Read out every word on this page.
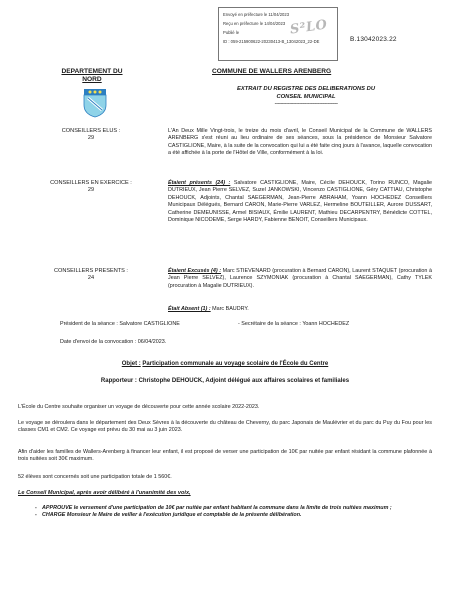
Envoyé en préfecture le 11/04/2023
Reçu en préfecture le 14/04/2023
Publié le
ID : 059-215900622-20230413-B_13042023_22-DE
S²LO
B.13042023.22
DEPARTEMENT DU NORD
COMMUNE DE WALLERS ARENBERG
EXTRAIT DU REGISTRE DES DELIBERATIONS DU CONSEIL MUNICIPAL
--------------------------------------------
CONSEILLERS ELUS :
29
L'An Deux Mille Vingt-trois, le treize du mois d'avril, le Conseil Municipal de la Commune de WALLERS ARENBERG s'est réuni au lieu ordinaire de ses séances, sous la présidence de Monsieur Salvatore CASTIGLIONE, Maire, à la suite de la convocation qui lui a été faite cinq jours à l'avance, laquelle convocation a été affichée à la porte de l'Hôtel de Ville, conformément à la loi.
CONSEILLERS EN EXERCICE :
29
Étaient présents (24) : Salvatore CASTIGLIONE, Maire, Cécile DEHOUCK, Torino RUNCO, Magalie DUTRIEUX, Jean Pierre SELVEZ, Suzel JANKOWSKI, Vincenzo CASTIGLIONE, Géry CATTIAU, Christophe DEHOUCK, Adjoints, Chantal SAEGERMAN, Jean-Pierre ABRAHAM, Yoann HOCHEDEZ Conseillers Municipaux Délégués, Bernard CARON, Marie-Pierre VARLEZ, Hermeline BOUTEILLER, Aurore DUSSART, Catherine DEMEUNISSE, Armel BISIAUX, Émilie LAURENT, Mathieu DECARPENTRY, Bénédicte COTTEL, Dominique NICODEME, Serge HARDY, Fabienne BENOIT, Conseillers Municipaux.
CONSEILLERS PRESENTS :
24
Étaient Excusés (4) : Marc STIEVENARD (procuration à Bernard CARON), Laurent STAQUET (procuration à Jean Pierre SELVEZ), Laurence SZYMONIAK (procuration à Chantal SAEGERMAN), Cathy TYLEK (procuration à Magalie DUTRIEUX).
Était Absent (1) : Marc BAUDRY.
Président de la séance : Salvatore CASTIGLIONE	- Secrétaire de la séance : Yoann HOCHEDEZ
Date d'envoi de la convocation : 06/04/2023.
Objet : Participation communale au voyage scolaire de l'École du Centre
Rapporteur : Christophe DEHOUCK, Adjoint délégué aux affaires scolaires et familiales
L'École du Centre souhaite organiser un voyage de découverte pour cette année scolaire 2022-2023.
Le voyage se déroulera dans le département des Deux Sèvres à la découverte du château de Cheverny, du parc Japonais de Maulévrier et du parc du Puy du Fou pour les classes CM1 et CM2. Ce voyage est prévu du 30 mai au 3 juin 2023.
Afin d'aider les familles de Wallers-Arenberg à financer leur enfant, il est proposé de verser une participation de 10€ par nuitée par enfant résidant la commune plafonnée à trois nuitées soit 30€ maximum.
52 élèves sont concernés soit une participation totale de 1 560€.
Le Conseil Municipal, après avoir délibéré à l'unanimité des voix,
- APPROUVE le versement d'une participation de 10€ par nuitée par enfant habitant la commune dans la limite de trois nuitées maximum ;
- CHARGE Monsieur le Maire de veiller à l'exécution juridique et comptable de la présente délibération.
